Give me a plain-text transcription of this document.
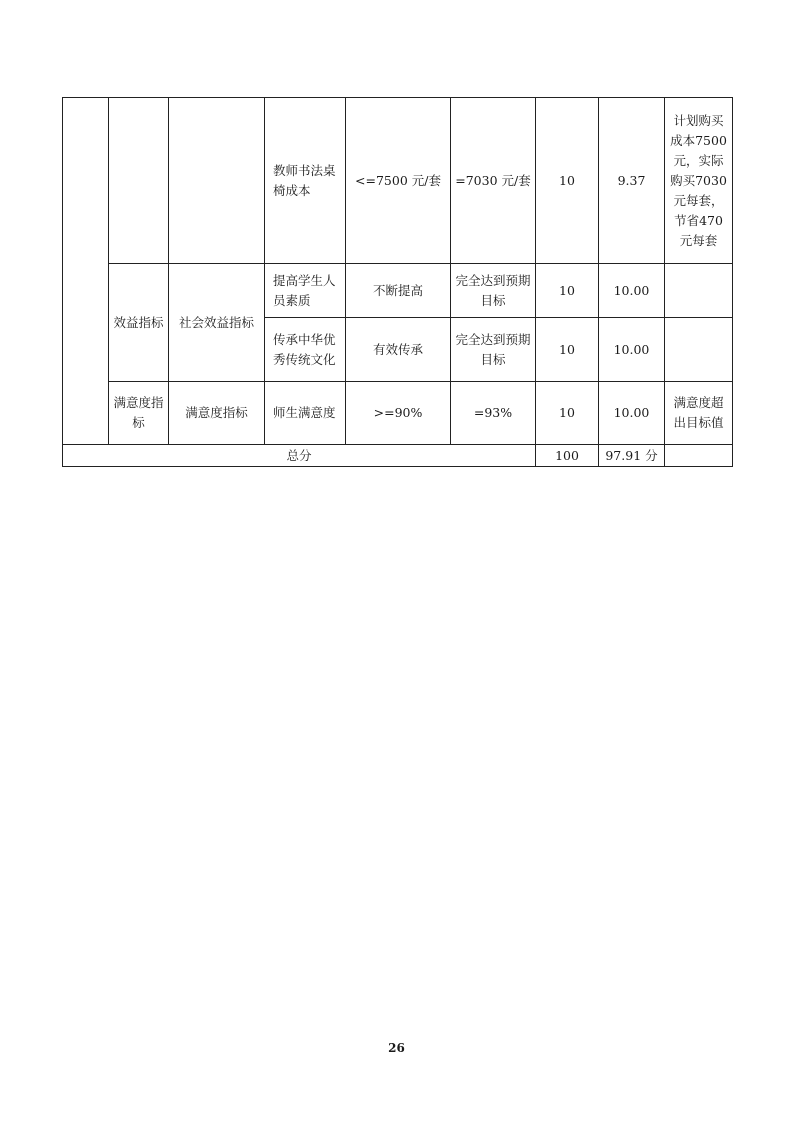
			教师书法桌椅成本	<=7500 元/套	=7030 元/套	10	9.37	计划购买成本7500元，实际购买7030元每套，节省470元每套
	效益指标	社会效益指标	提高学生人员素质	不断提高	完全达到预期目标	10	10.00	
			传承中华优秀传统文化	有效传承	完全达到预期目标	10	10.00	
	满意度指标	满意度指标	师生满意度	>=90%	=93%	10	10.00	满意度超出目标值
总分						100	97.91 分	
26
